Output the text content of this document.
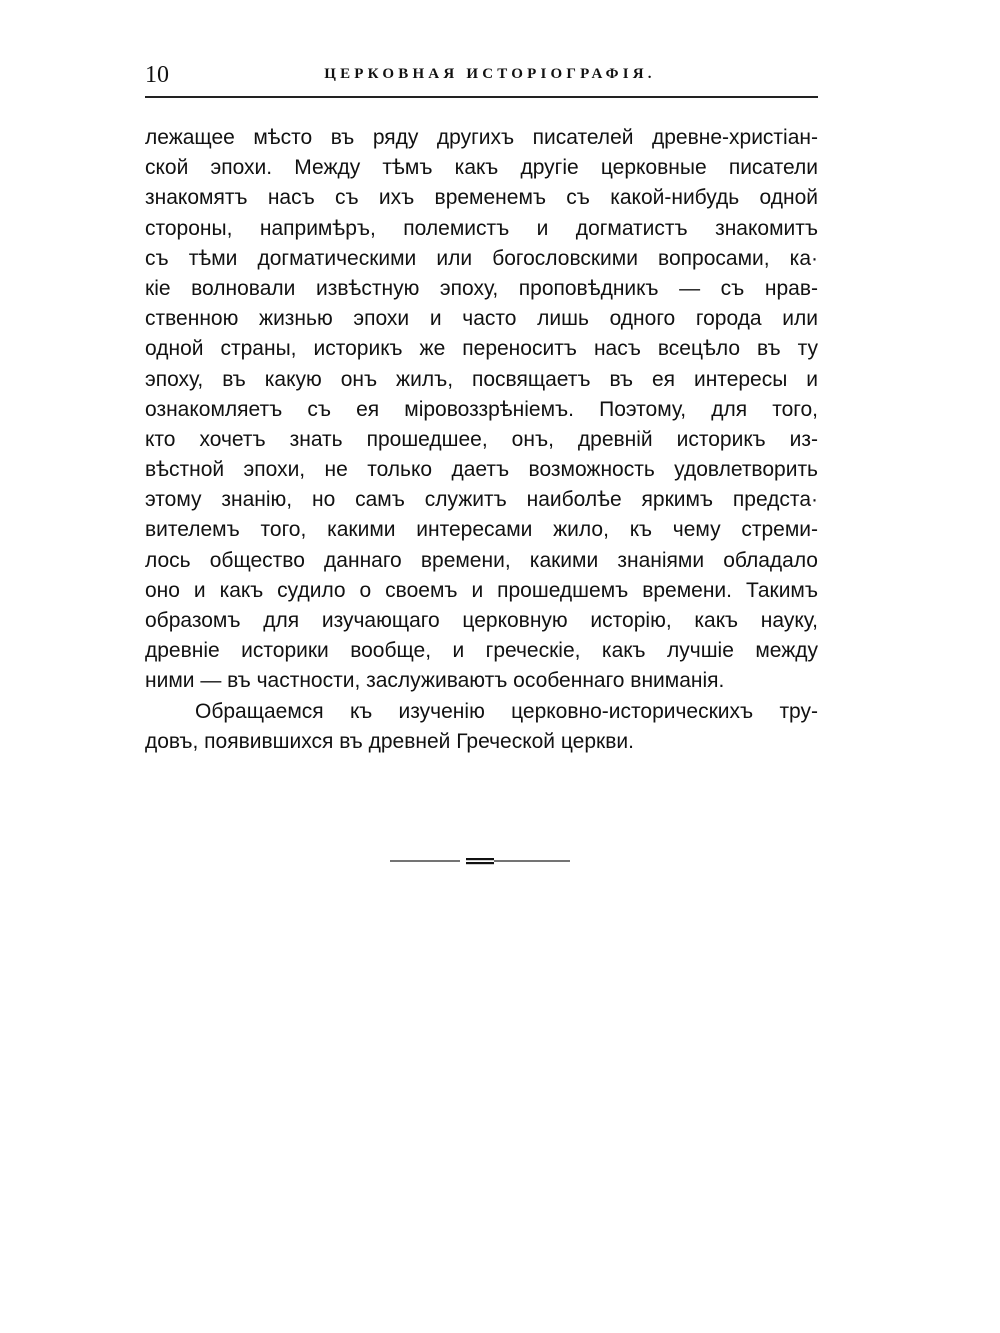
10	ЦЕРКОВНАЯ ИСТОРІОГРАФІЯ.
лежащее мѣсто въ ряду другихъ писателей древне-христіан-
ской эпохи. Между тѣмъ какъ другіе церковные писатели
знакомятъ насъ съ ихъ временемъ съ какой-нибудь одной
стороны, напримѣръ, полемистъ и догматистъ знакомитъ
съ тѣми догматическими или богословскими вопросами, ка·
кіе волновали извѣстную эпоху, проповѣдникъ — съ нрав-
ственною жизнью эпохи и часто лишь одного города или
одной страны, историкъ же переноситъ насъ всецѣло въ ту
эпоху, въ какую онъ жилъ, посвящаетъ въ ея интересы и
ознакомляетъ съ ея міровоззрѣніемъ. Поэтому, для того,
кто хочетъ знать прошедшее, онъ, древній историкъ из-
вѣстной эпохи, не только даетъ возможность удовлетворить
этому знанію, но самъ служитъ наиболѣе яркимъ предста·
вителемъ того, какими интересами жило, къ чему стреми-
лось общество даннаго времени, какими знаніями обладало
оно и какъ судило о своемъ и прошедшемъ времени. Такимъ
образомъ для изучающаго церковную исторію, какъ науку,
древніе историки вообще, и греческіе, какъ лучшіе между
ними — въ частности, заслуживаютъ особеннаго вниманія.
Обращаемся къ изученію церковно-историческихъ тру-
довъ, появившихся въ древней Греческой церкви.
